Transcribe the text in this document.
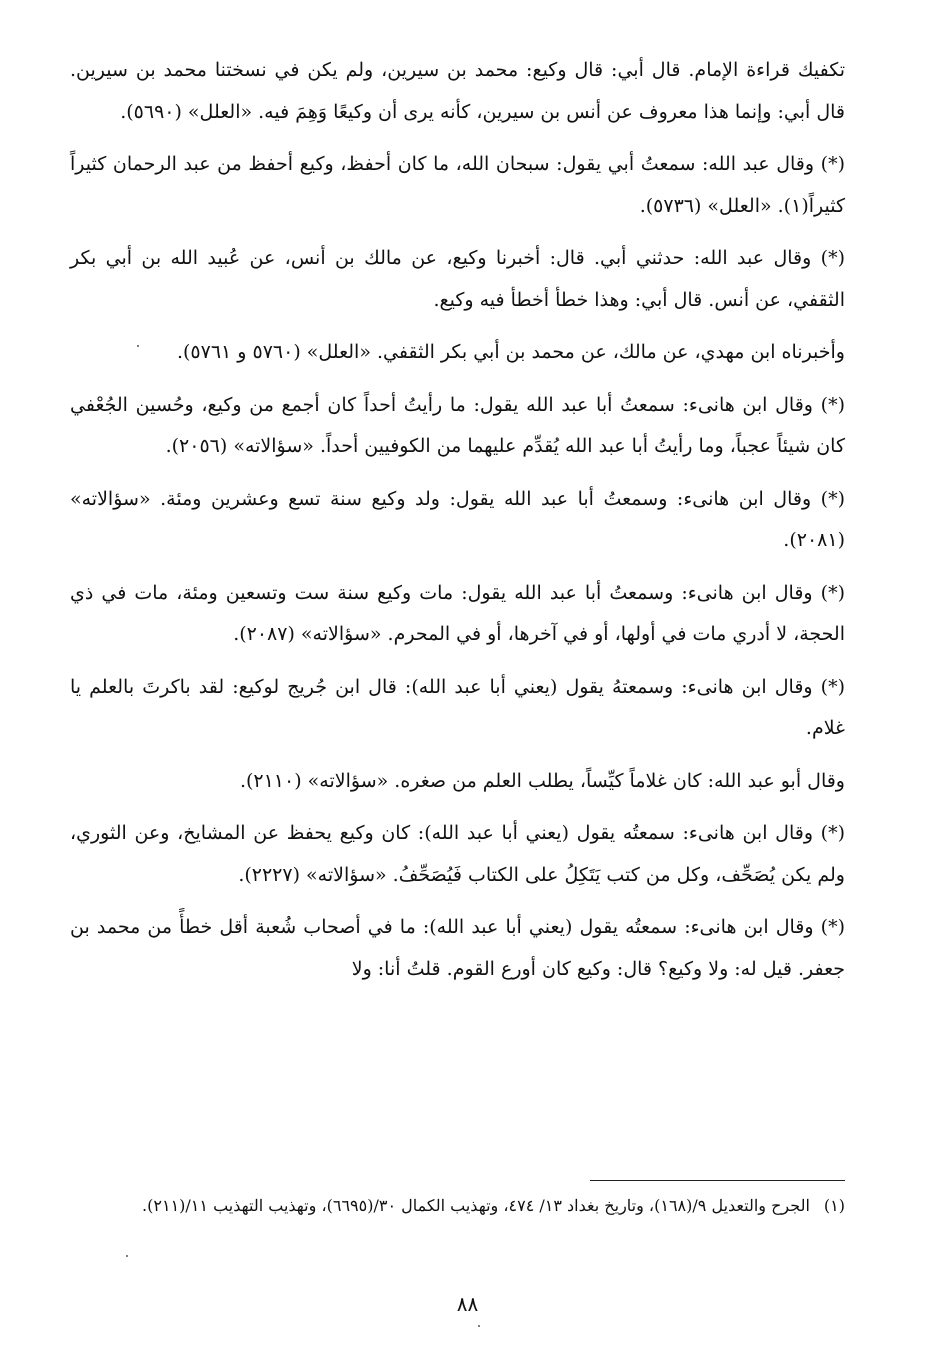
تكفيك قراءة الإمام. قال أبي: قال وكيع: محمد بن سيرين، ولم يكن في نسختنا محمد بن سيرين. قال أبي: وإنما هذا معروف عن أنس بن سيرين، كأنه يرى أن وكيعًا وَهِمَ فيه. «العلل» (٥٦٩٠).

(*) وقال عبد الله: سمعتُ أبي يقول: سبحان الله، ما كان أحفظ، وكيع أحفظ من عبد الرحمان كثيراً كثيراً(١). «العلل» (٥٧٣٦).

(*) وقال عبد الله: حدثني أبي. قال: أخبرنا وكيع، عن مالك بن أنس، عن عُبيد الله بن أبي بكر الثقفي، عن أنس. قال أبي: وهذا خطأ أخطأ فيه وكيع.

وأخبرناه ابن مهدي، عن مالك، عن محمد بن أبي بكر الثقفي. «العلل» (٥٧٦٠ و ٥٧٦١).

(*) وقال ابن هانىء: سمعتُ أبا عبد الله يقول: ما رأيتُ أحداً كان أجمع من وكيع، وحُسين الجُعْفي كان شيئاً عجباً، وما رأيتُ أبا عبد الله يُقدِّم عليهما من الكوفيين أحداً. «سؤالاته» (٢٠٥٦).

(*) وقال ابن هانىء: وسمعتُ أبا عبد الله يقول: ولد وكيع سنة تسع وعشرين ومئة. «سؤالاته» (٢٠٨١).

(*) وقال ابن هانىء: وسمعتُ أبا عبد الله يقول: مات وكيع سنة ست وتسعين ومئة، مات في ذي الحجة، لا أدري مات في أولها، أو في آخرها، أو في المحرم. «سؤالاته» (٢٠٨٧).

(*) وقال ابن هانىء: وسمعتهُ يقول (يعني أبا عبد الله): قال ابن جُريج لوكيع: لقد باكرتَ بالعلم يا غلام.

وقال أبو عبد الله: كان غلاماً كيِّساً، يطلب العلم من صغره. «سؤالاته» (٢١١٠).

(*) وقال ابن هانىء: سمعتُه يقول (يعني أبا عبد الله): كان وكيع يحفظ عن المشايخ، وعن الثوري، ولم يكن يُصَحِّف، وكل من كتب يَتَكِلُ على الكتاب فَيُصَحِّفُ. «سؤالاته» (٢٢٢٧).

(*) وقال ابن هانىء: سمعتُه يقول (يعني أبا عبد الله): ما في أصحاب شُعبة أقل خطأً من محمد بن جعفر. قيل له: ولا وكيع؟ قال: وكيع كان أورع القوم. قلتُ أنا: ولا

(١)الجرح والتعديل ٩/(١٦٨)، وتاريخ بغداد ١٣/ ٤٧٤، وتهذيب الكمال ٣٠/(٦٦٩٥)، وتهذيب التهذيب ١١/(٢١١).
٨٨
